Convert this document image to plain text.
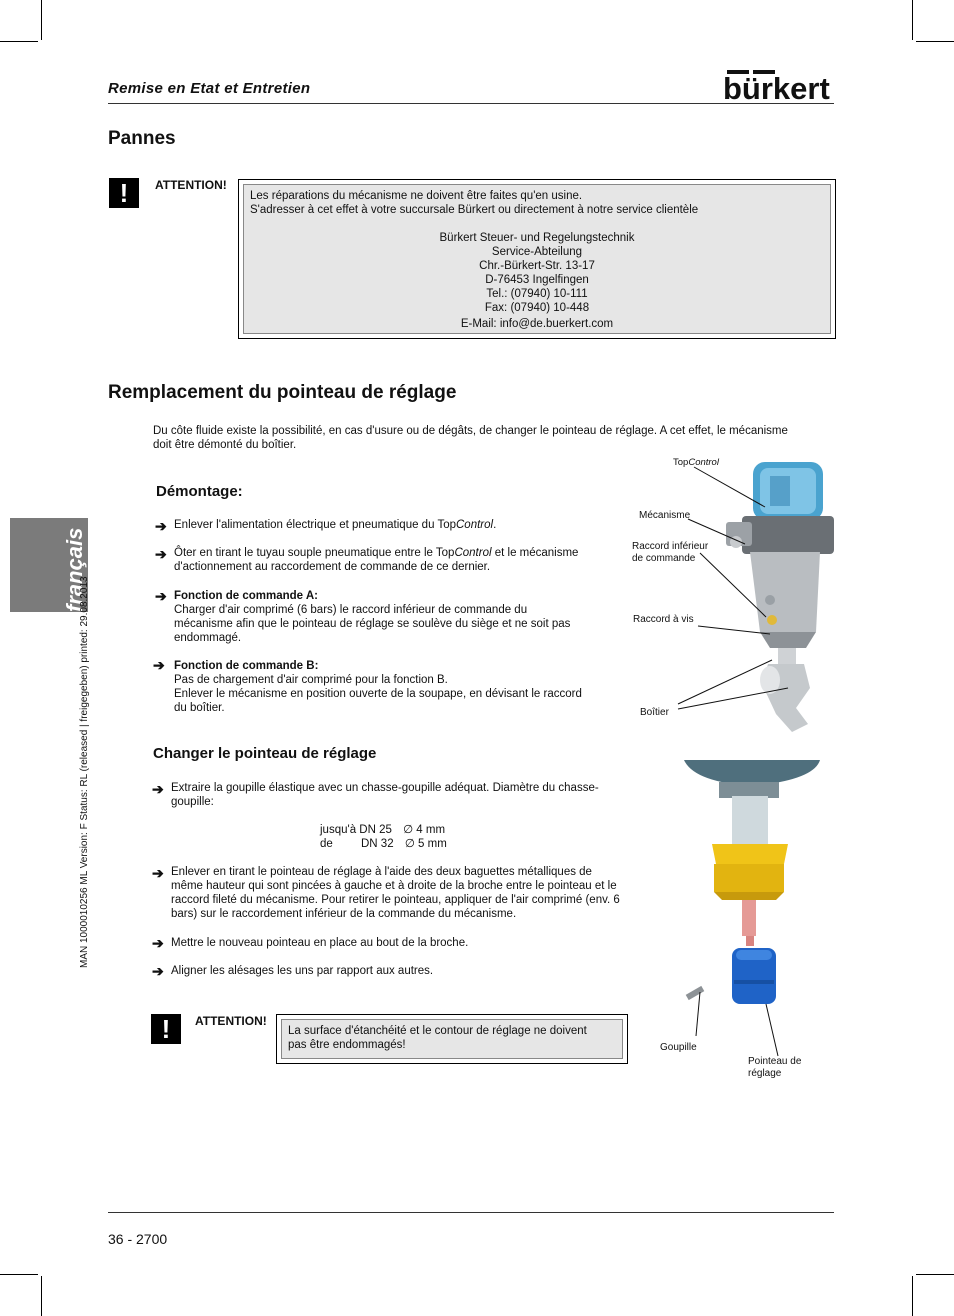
Remise en Etat et Entretien	bürkert
français
MAN 1000010256 ML Version: F Status: RL (released | freigegeben) printed: 29.08.2013
Pannes
!	ATTENTION!
Les réparations du mécanisme ne doivent être faites qu'en usine.
S'adresser à cet effet à votre succursale Bürkert ou directement à notre service clientèle
Bürkert Steuer- und Regelungstechnik
Service-Abteilung
Chr.-Bürkert-Str. 13-17
D-76453 Ingelfingen
Tel.: (07940) 10-111
Fax: (07940) 10-448
E-Mail: info@de.buerkert.com
Remplacement du pointeau de réglage
Du côte fluide existe la possibilité, en cas d'usure ou de dégâts, de changer le pointeau de réglage. A cet effet, le mécanisme
doit être démonté du boîtier.
Démontage:
➔ Enlever l'alimentation électrique et pneumatique du TopControl.
➔ Ôter en tirant le tuyau souple pneumatique entre le TopControl et le mécanisme
d'actionnement au raccordement de commande de ce dernier.
➔ Fonction de commande A:
Charger d'air comprimé (6 bars) le raccord inférieur de commande du
mécanisme afin que le pointeau de réglage se soulève du siège et ne soit pas
endommagé.
➔ Fonction de commande B:
Pas de chargement d'air comprimé pour la fonction B.
Enlever le mécanisme en position ouverte de la soupape, en dévisant le raccord
du boîtier.
TopControl
Mécanisme
Raccord inférieur
de commande
Raccord à vis
Boîtier
Changer le pointeau de réglage
➔ Extraire la goupille élastique avec un chasse-goupille adéquat. Diamètre du chasse-
goupille:
jusqu'à DN 25 ∅ 4 mm
de DN 32 ∅ 5 mm
➔ Enlever en tirant le pointeau de réglage à l'aide des deux baguettes métalliques de
même hauteur qui sont pincées à gauche et à droite de la broche entre le pointeau et le
raccord fileté du mécanisme. Pour retirer le pointeau, appliquer de l'air comprimé (env. 6
bars) sur le raccordement inférieur de la commande du mécanisme.
➔ Mettre le nouveau pointeau en place au bout de la broche.
➔ Aligner les alésages les uns par rapport aux autres.
!	ATTENTION!
La surface d'étanchéité et le contour de réglage ne doivent
pas être endommagés!	Goupille
Pointeau de
réglage
36 - 2700
